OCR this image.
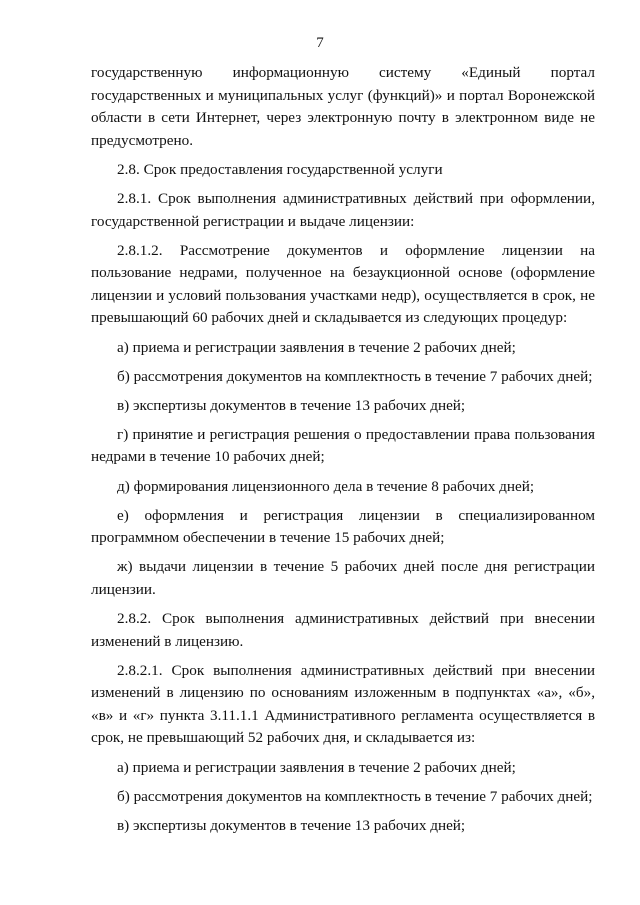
7

государственную информационную систему «Единый портал государственных и муниципальных услуг (функций)» и портал Воронежской области в сети Интернет, через электронную почту в электронном виде не предусмотрено.

2.8. Срок предоставления государственной услуги

2.8.1. Срок выполнения административных действий при оформлении, государственной регистрации и выдаче лицензии:

2.8.1.2. Рассмотрение документов и оформление лицензии на пользование недрами, полученное на безаукционной основе (оформление лицензии и условий пользования участками недр), осуществляется в срок, не превышающий 60 рабочих дней и складывается из следующих процедур:

а) приема и регистрации заявления в течение 2 рабочих дней;

б) рассмотрения документов на комплектность в течение 7 рабочих дней;

в) экспертизы документов в течение 13 рабочих дней;

г) принятие и регистрация решения о предоставлении права пользования недрами в течение 10 рабочих дней;

д) формирования лицензионного дела в течение 8 рабочих дней;

е) оформления и регистрация лицензии в специализированном программном обеспечении в течение 15 рабочих дней;

ж) выдачи лицензии в течение 5 рабочих дней после дня регистрации лицензии.

2.8.2. Срок выполнения административных действий при внесении изменений в лицензию.

2.8.2.1. Срок выполнения административных действий при внесении изменений в лицензию по основаниям изложенным в подпунктах «а», «б», «в» и «г» пункта 3.11.1.1 Административного регламента осуществляется в срок, не превышающий 52 рабочих дня, и складывается из:

а) приема и регистрации заявления в течение 2 рабочих дней;

б) рассмотрения документов на комплектность в течение 7 рабочих дней;

в) экспертизы документов в течение 13 рабочих дней;
